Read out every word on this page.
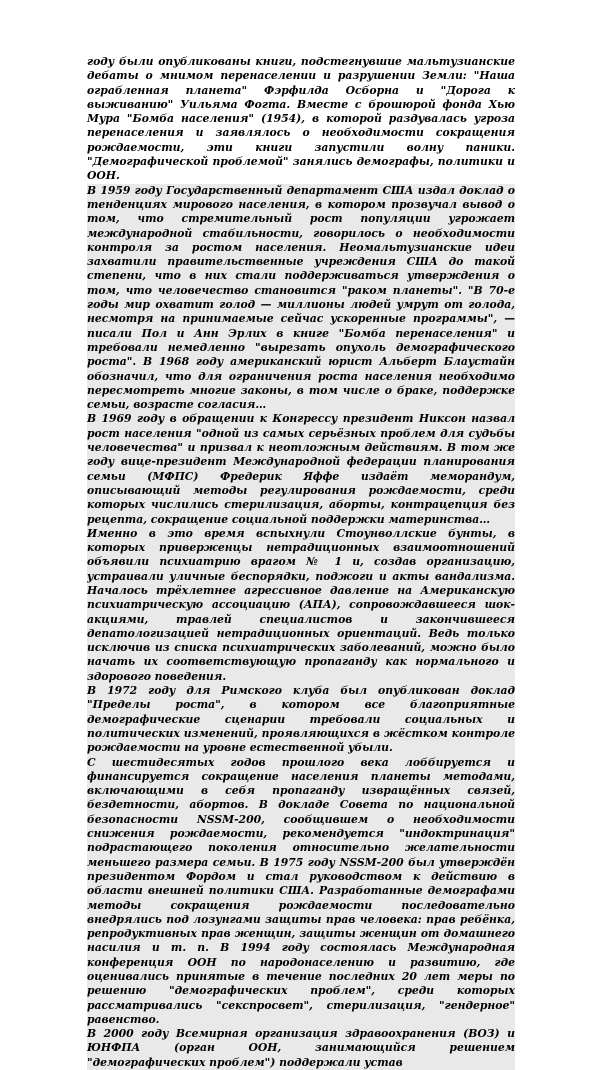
году были опубликованы книги, подстегнувшие мальтузианские дебаты о мнимом перенаселении и разрушении Земли: "Наша ограбленная планета" Фэрфилда Осборна и "Дорога к выживанию" Уильяма Фогта. Вместе с брошюрой фонда Хью Мура "Бомба населения" (1954), в которой раздувалась угроза перенаселения и заявлялось о необходимости сокращения рождаемости, эти книги запустили волну паники. "Демографической проблемой" занялись демографы, политики и ООН.

В 1959 году Государственный департамент США издал доклад о тенденциях мирового населения, в котором прозвучал вывод о том, что стремительный рост популяции угрожает международной стабильности, говорилось о необходимости контроля за ростом населения. Неомальтузианские идеи захватили правительственные учреждения США до такой степени, что в них стали поддерживаться утверждения о том, что человечество становится "раком планеты". "В 70-е годы мир охватит голод — миллионы людей умрут от голода, несмотря на принимаемые сейчас ускоренные программы", — писали Пол и Анн Эрлих в книге "Бомба перенаселения" и требовали немедленно "вырезать опухоль демографического роста". В 1968 году американский юрист Альберт Блаустайн обозначил, что для ограничения роста населения необходимо пересмотреть многие законы, в том числе о браке, поддержке семьи, возрасте согласия…

В 1969 году в обращении к Конгрессу президент Никсон назвал рост населения "одной из самых серьёзных проблем для судьбы человечества" и призвал к неотложным действиям. В том же году вице-президент Международной федерации планирования семьи (МФПС) Фредерик Яффе издаёт меморандум, описывающий методы регулирования рождаемости, среди которых числились стерилизация, аборты, контрацепция без рецепта, сокращение социальной поддержки материнства…

Именно в это время вспыхнули Стоунволлские бунты, в которых приверженцы нетрадиционных взаимоотношений объявили психиатрию врагом № 1 и, создав организацию, устраивали уличные беспорядки, поджоги и акты вандализма. Началось трёхлетнее агрессивное давление на Американскую психиатрическую ассоциацию (АПА), сопровождавшееся шок-акциями, травлей специалистов и закончившееся депатологизацией нетрадиционных ориентаций. Ведь только исключив из списка психиатрических заболеваний, можно было начать их соответствующую пропаганду как нормального и здорового поведения.

В 1972 году для Римского клуба был опубликован доклад "Пределы роста", в котором все благоприятные демографические сценарии требовали социальных и политических изменений, проявляющихся в жёстком контроле рождаемости на уровне естественной убыли.

С шестидесятых годов прошлого века лоббируется и финансируется сокращение населения планеты методами, включающими в себя пропаганду извращённых связей, бездетности, абортов. В докладе Совета по национальной безопасности NSSM-200, сообщившем о необходимости снижения рождаемости, рекомендуется "индоктринация" подрастающего поколения относительно желательности меньшего размера семьи. В 1975 году NSSM-200 был утверждён президентом Фордом и стал руководством к действию в области внешней политики США. Разработанные демографами методы сокращения рождаемости последовательно внедрялись под лозунгами защиты прав человека: прав ребёнка, репродуктивных прав женщин, защиты женщин от домашнего насилия и т. п. В 1994 году состоялась Международная конференция ООН по народонаселению и развитию, где оценивались принятые в течение последних 20 лет меры по решению "демографических проблем", среди которых рассматривались "секспросвет", стерилизация, "гендерное" равенство.

В 2000 году Всемирная организация здравоохранения (ВОЗ) и ЮНФПА (орган ООН, занимающийся решением "демографических проблем") поддержали устав
